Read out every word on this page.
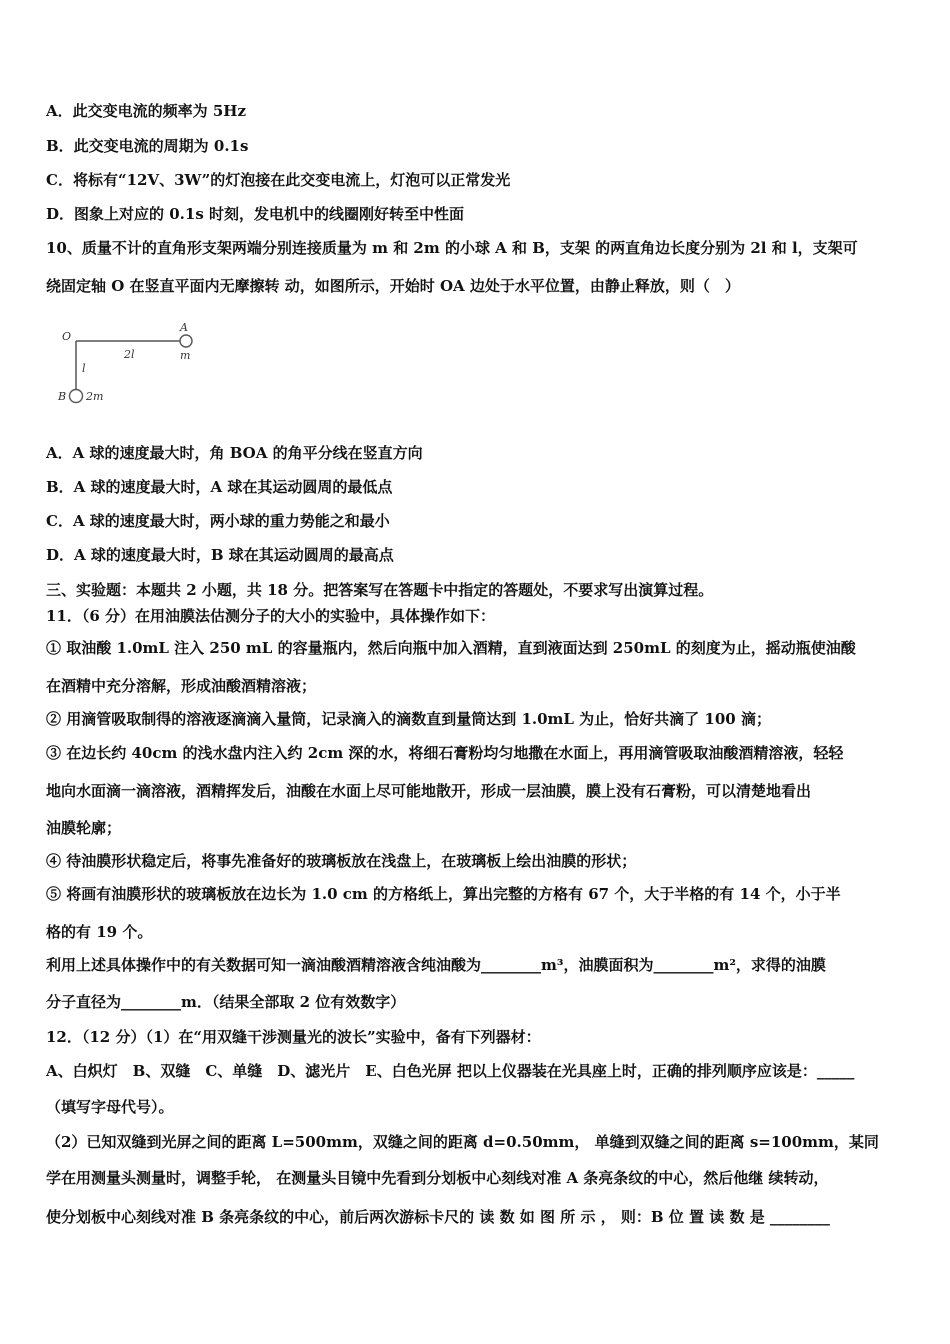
A．此交变电流的频率为 5Hz
B．此交变电流的周期为 0.1s
C．将标有“12V、3W”的灯泡接在此交变电流上，灯泡可以正常发光
D．图象上对应的 0.1s 时刻，发电机中的线圈刚好转至中性面
10、质量不计的直角形支架两端分别连接质量为 m 和 2m 的小球 A 和 B，支架 的两直角边长度分别为 2l 和 l，支架可
绕固定轴 O 在竖直平面内无摩擦转 动，如图所示，开始时 OA 边处于水平位置，由静止释放，则（　）
O
A
m
2l
l
B 2m
A．A 球的速度最大时，角 BOA 的角平分线在竖直方向
B．A 球的速度最大时，A 球在其运动圆周的最低点
C．A 球的速度最大时，两小球的重力势能之和最小
D．A 球的速度最大时，B 球在其运动圆周的最高点
三、实验题：本题共 2 小题，共 18 分。把答案写在答题卡中指定的答题处，不要求写出演算过程。
11．（6 分）在用油膜法估测分子的大小的实验中，具体操作如下：
① 取油酸 1.0mL 注入 250 mL 的容量瓶内，然后向瓶中加入酒精，直到液面达到 250mL 的刻度为止，摇动瓶使油酸
在酒精中充分溶解，形成油酸酒精溶液；
② 用滴管吸取制得的溶液逐滴滴入量筒，记录滴入的滴数直到量筒达到 1.0mL 为止，恰好共滴了 100 滴；
③ 在边长约 40cm 的浅水盘内注入约 2cm 深的水，将细石膏粉均匀地撒在水面上，再用滴管吸取油酸酒精溶液，轻轻
地向水面滴一滴溶液，酒精挥发后，油酸在水面上尽可能地散开，形成一层油膜，膜上没有石膏粉，可以清楚地看出
油膜轮廓；
④ 待油膜形状稳定后，将事先准备好的玻璃板放在浅盘上，在玻璃板上绘出油膜的形状；
⑤ 将画有油膜形状的玻璃板放在边长为 1.0 cm 的方格纸上，算出完整的方格有 67 个，大于半格的有 14 个，小于半
格的有 19 个。
利用上述具体操作中的有关数据可知一滴油酸酒精溶液含纯油酸为________m³，油膜面积为________m²，求得的油膜
分子直径为________m．（结果全部取 2 位有效数字）
12．（12 分）（1）在“用双缝干涉测量光的波长”实验中，备有下列器材：
A、白炽灯　B、双缝　C、单缝　D、滤光片　E、白色光屏 把以上仪器装在光具座上时，正确的排列顺序应该是：_____
（填写字母代号）。
（2）已知双缝到光屏之间的距离 L=500mm，双缝之间的距离 d=0.50mm， 单缝到双缝之间的距离 s=100mm，某同
学在用测量头测量时，调整手轮， 在测量头目镜中先看到分划板中心刻线对准 A 条亮条纹的中心，然后他继 续转动，
使分划板中心刻线对准 B 条亮条纹的中心，前后两次游标卡尺的 读 数 如 图 所 示 ， 则：B 位 置 读 数 是 ________
